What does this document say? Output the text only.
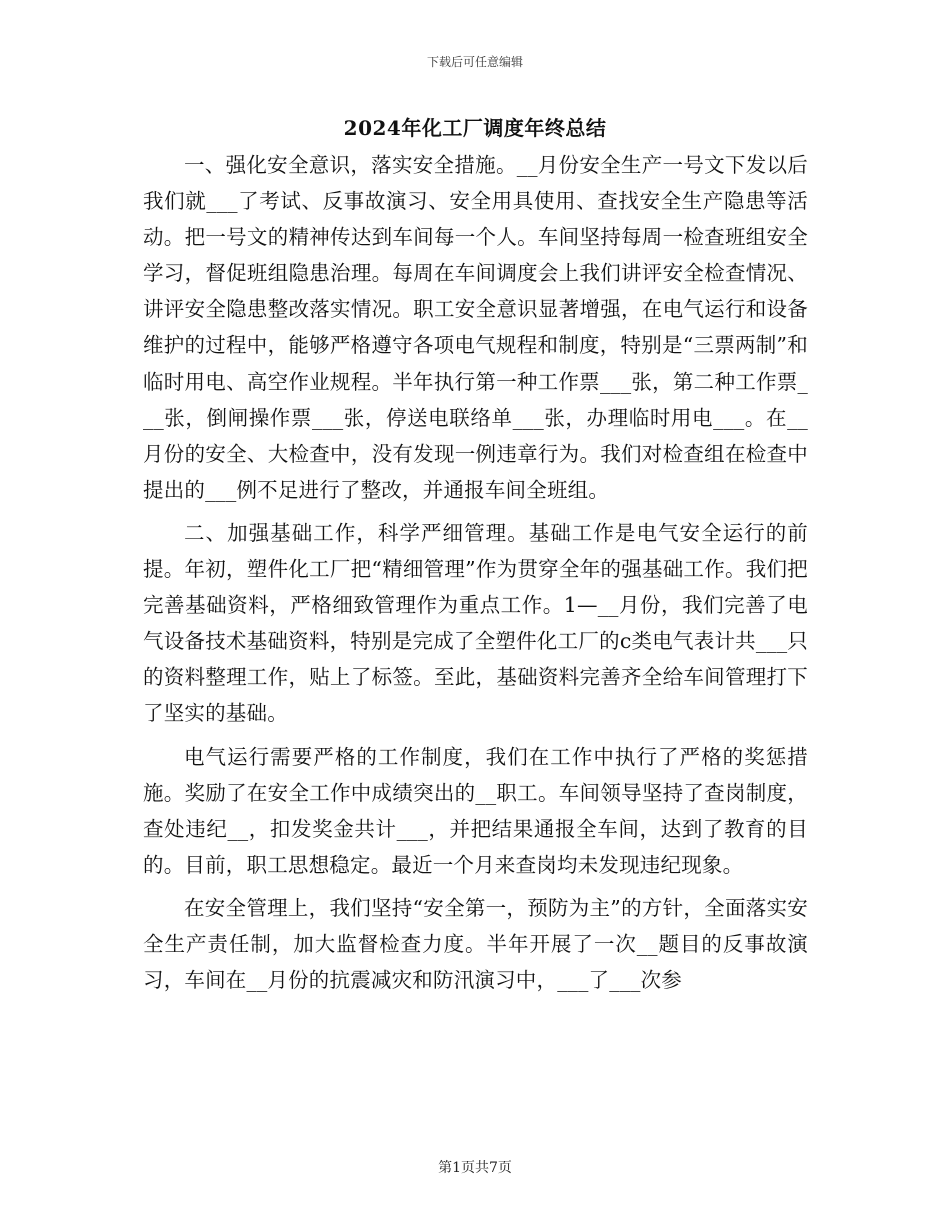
下载后可任意编辑
2024年化工厂调度年终总结

一、强化安全意识，落实安全措施。__月份安全生产一号文下发以后我们就___了考试、反事故演习、安全用具使用、查找安全生产隐患等活动。把一号文的精神传达到车间每一个人。车间坚持每周一检查班组安全学习，督促班组隐患治理。每周在车间调度会上我们讲评安全检查情况、讲评安全隐患整改落实情况。职工安全意识显著增强，在电气运行和设备维护的过程中，能够严格遵守各项电气规程和制度，特别是“三票两制”和临时用电、高空作业规程。半年执行第一种工作票___张，第二种工作票___张，倒闸操作票___张，停送电联络单___张，办理临时用电___。在__月份的安全、大检查中，没有发现一例违章行为。我们对检查组在检查中提出的___例不足进行了整改，并通报车间全班组。

二、加强基础工作，科学严细管理。基础工作是电气安全运行的前提。年初，塑件化工厂把“精细管理”作为贯穿全年的强基础工作。我们把完善基础资料，严格细致管理作为重点工作。1—__月份，我们完善了电气设备技术基础资料，特别是完成了全塑件化工厂的c类电气表计共___只的资料整理工作，贴上了标签。至此，基础资料完善齐全给车间管理打下了坚实的基础。

电气运行需要严格的工作制度，我们在工作中执行了严格的奖惩措施。奖励了在安全工作中成绩突出的__职工。车间领导坚持了查岗制度，查处违纪__，扣发奖金共计___，并把结果通报全车间，达到了教育的目的。目前，职工思想稳定。最近一个月来查岗均未发现违纪现象。

在安全管理上，我们坚持“安全第一，预防为主”的方针，全面落实安全生产责任制，加大监督检查力度。半年开展了一次__题目的反事故演习，车间在__月份的抗震减灾和防汛演习中，___了___次参

第1页共7页
